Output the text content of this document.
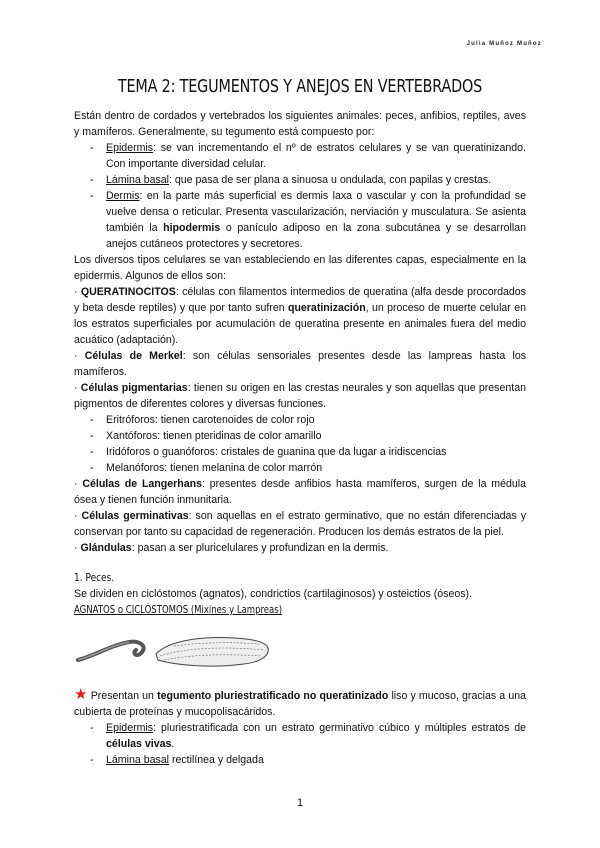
Julia Muñoz Muñoz
TEMA 2: TEGUMENTOS Y ANEJOS EN VERTEBRADOS

Están dentro de cordados y vertebrados los siguientes animales: peces, anfibios, reptiles, aves y mamíferos. Generalmente, su tegumento está compuesto por:

- Epidermis: se van incrementando el nº de estratos celulares y se van queratinizando. Con importante diversidad celular.
- Lámina basal: que pasa de ser plana a sinuosa u ondulada, con papilas y crestas.
- Dermis: en la parte más superficial es dermis laxa o vascular y con la profundidad se vuelve densa o reticular. Presenta vascularización, nerviación y musculatura. Se asienta también la hipodermis o panículo adiposo en la zona subcutánea y se desarrollan anejos cutáneos protectores y secretores.

Los diversos tipos celulares se van estableciendo en las diferentes capas, especialmente en la epidermis. Algunos de ellos son:

· QUERATINOCITOS: células con filamentos intermedios de queratina (alfa desde procordados y beta desde reptiles) y que por tanto sufren queratinización, un proceso de muerte celular en los estratos superficiales por acumulación de queratina presente en animales fuera del medio acuático (adaptación).

· Células de Merkel: son células sensoriales presentes desde las lampreas hasta los mamíferos.

· Células pigmentarias: tienen su origen en las crestas neurales y son aquellas que presentan pigmentos de diferentes colores y diversas funciones.

- Eritróforos: tienen carotenoides de color rojo
- Xantóforos: tienen pteridinas de color amarillo
- Iridóforos o guanóforos: cristales de guanina que da lugar a iridiscencias
- Melanóforos: tienen melanina de color marrón

· Células de Langerhans: presentes desde anfibios hasta mamíferos, surgen de la médula ósea y tienen función inmunitaria.

· Células germinativas: son aquellas en el estrato germinativo, que no están diferenciadas y conservan por tanto su capacidad de regeneración. Producen los demás estratos de la piel.

· Glándulas: pasan a ser pluricelulares y profundizan en la dermis.

1. Peces.

Se dividen en ciclóstomos (agnatos), condrictios (cartilaginosos) y osteictios (óseos).

AGNATOS o CICLÓSTOMOS (Mixines y Lampreas)

★ Presentan un tegumento pluriestratificado no queratinizado liso y mucoso, gracias a una cubierta de proteínas y mucopolisacáridos.

- Epidermis: pluriestratificada con un estrato germinativo cúbico y múltiples estratos de células vivas.
- Lámina basal rectilínea y delgada
1
